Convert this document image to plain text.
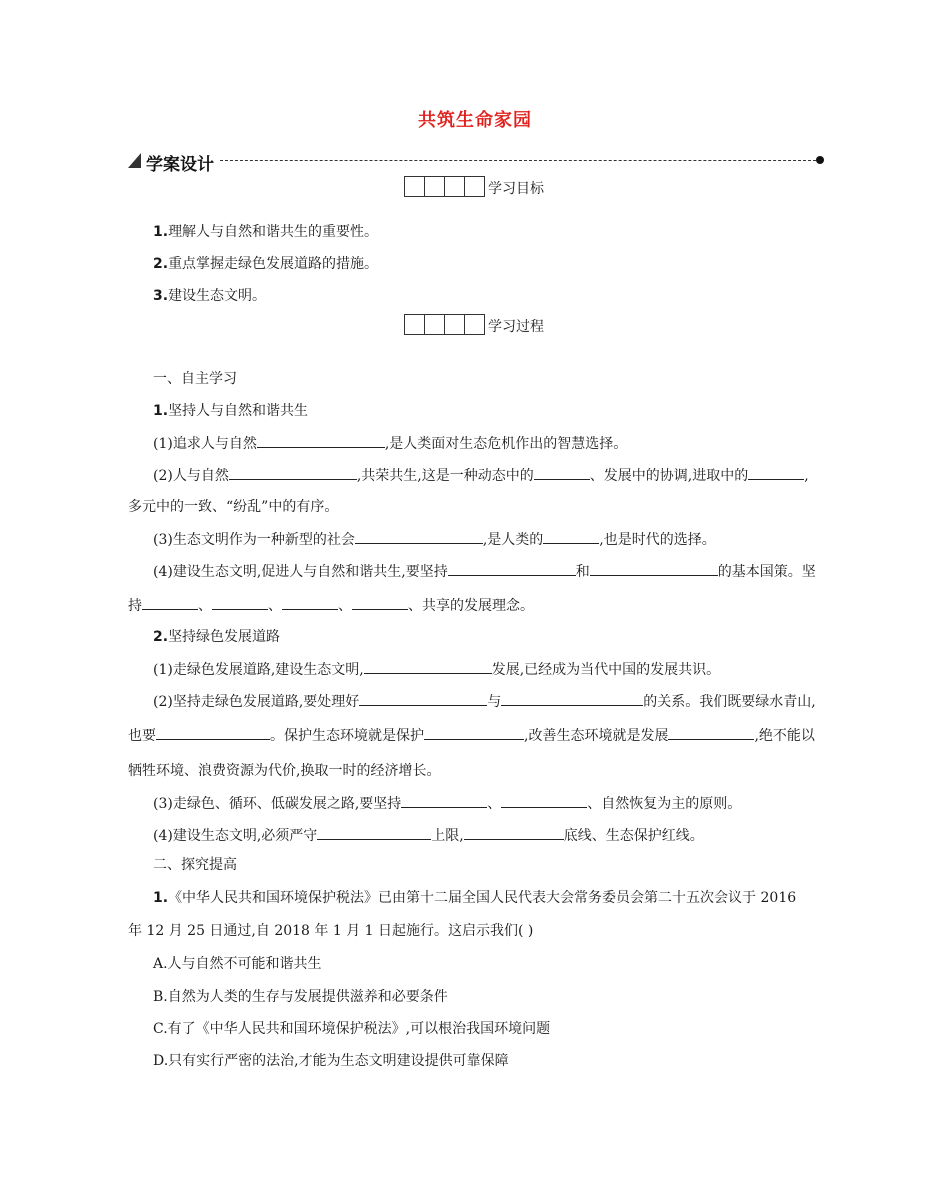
共筑生命家园
学案设计
学习目标
1.理解人与自然和谐共生的重要性。
2.重点掌握走绿色发展道路的措施。
3.建设生态文明。
学习过程
一、自主学习
1.坚持人与自然和谐共生
(1)追求人与自然	,是人类面对生态危机作出的智慧选择。
(2)人与自然	,共荣共生,这是一种动态中的	、发展中的协调,进取中的	,
多元中的一致、“纷乱”中的有序。
(3)生态文明作为一种新型的社会	,是人类的	,也是时代的选择。
(4)建设生态文明,促进人与自然和谐共生,要坚持	和	的基本国策。坚
持	、	、	、	、共享的发展理念。
2.坚持绿色发展道路
(1)走绿色发展道路,建设生态文明,	发展,已经成为当代中国的发展共识。
(2)坚持走绿色发展道路,要处理好	与	的关系。我们既要绿水青山,
也要	。保护生态环境就是保护	,改善生态环境就是发展	,绝不能以
牺牲环境、浪费资源为代价,换取一时的经济增长。
(3)走绿色、循环、低碳发展之路,要坚持	、	、自然恢复为主的原则。
(4)建设生态文明,必须严守	上限,	底线、生态保护红线。
二、探究提高
1.《中华人民共和国环境保护税法》已由第十二届全国人民代表大会常务委员会第二十五次会议于 2016
年 12 月 25 日通过,自 2018 年 1 月 1 日起施行。这启示我们( )
A.人与自然不可能和谐共生
B.自然为人类的生存与发展提供滋养和必要条件
C.有了《中华人民共和国环境保护税法》,可以根治我国环境问题
D.只有实行严密的法治,才能为生态文明建设提供可靠保障
